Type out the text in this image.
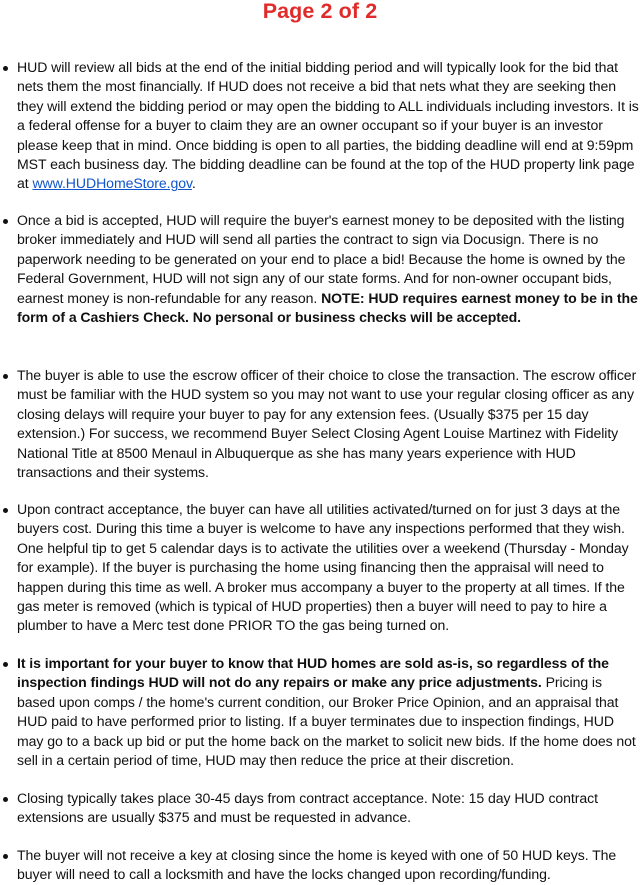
Page 2 of 2
HUD will review all bids at the end of the initial bidding period and will typically look for the bid that nets them the most financially. If HUD does not receive a bid that nets what they are seeking then they will extend the bidding period or may open the bidding to ALL individuals including investors. It is a federal offense for a buyer to claim they are an owner occupant so if your buyer is an investor please keep that in mind. Once bidding is open to all parties, the bidding deadline will end at 9:59pm MST each business day. The bidding deadline can be found at the top of the HUD property link page at www.HUDHomeStore.gov.
Once a bid is accepted, HUD will require the buyer's earnest money to be deposited with the listing broker immediately and HUD will send all parties the contract to sign via Docusign. There is no paperwork needing to be generated on your end to place a bid! Because the home is owned by the Federal Government, HUD will not sign any of our state forms. And for non-owner occupant bids, earnest money is non-refundable for any reason. NOTE: HUD requires earnest money to be in the form of a Cashiers Check. No personal or business checks will be accepted.
The buyer is able to use the escrow officer of their choice to close the transaction. The escrow officer must be familiar with the HUD system so you may not want to use your regular closing officer as any closing delays will require your buyer to pay for any extension fees. (Usually $375 per 15 day extension.) For success, we recommend Buyer Select Closing Agent Louise Martinez with Fidelity National Title at 8500 Menaul in Albuquerque as she has many years experience with HUD transactions and their systems.
Upon contract acceptance, the buyer can have all utilities activated/turned on for just 3 days at the buyers cost. During this time a buyer is welcome to have any inspections performed that they wish. One helpful tip to get 5 calendar days is to activate the utilities over a weekend (Thursday - Monday for example). If the buyer is purchasing the home using financing then the appraisal will need to happen during this time as well. A broker mus accompany a buyer to the property at all times. If the gas meter is removed (which is typical of HUD properties) then a buyer will need to pay to hire a plumber to have a Merc test done PRIOR TO the gas being turned on.
It is important for your buyer to know that HUD homes are sold as-is, so regardless of the inspection findings HUD will not do any repairs or make any price adjustments. Pricing is based upon comps / the home's current condition, our Broker Price Opinion, and an appraisal that HUD paid to have performed prior to listing. If a buyer terminates due to inspection findings, HUD may go to a back up bid or put the home back on the market to solicit new bids. If the home does not sell in a certain period of time, HUD may then reduce the price at their discretion.
Closing typically takes place 30-45 days from contract acceptance. Note: 15 day HUD contract extensions are usually $375 and must be requested in advance.
The buyer will not receive a key at closing since the home is keyed with one of 50 HUD keys. The buyer will need to call a locksmith and have the locks changed upon recording/funding.
